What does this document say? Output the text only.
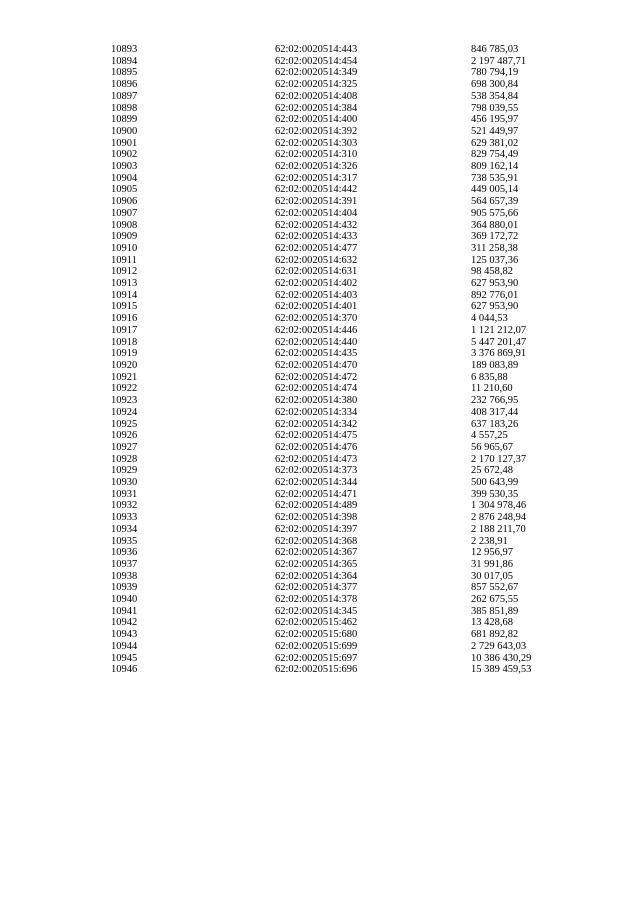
10893	62:02:0020514:443	846 785,03
10894	62:02:0020514:454	2 197 487,71
10895	62:02:0020514:349	780 794,19
10896	62:02:0020514:325	698 300,84
10897	62:02:0020514:408	538 354,84
10898	62:02:0020514:384	798 039,55
10899	62:02:0020514:400	456 195,97
10900	62:02:0020514:392	521 449,97
10901	62:02:0020514:303	629 381,02
10902	62:02:0020514:310	829 754,49
10903	62:02:0020514:326	809 162,14
10904	62:02:0020514:317	738 535,91
10905	62:02:0020514:442	449 005,14
10906	62:02:0020514:391	564 657,39
10907	62:02:0020514:404	905 575,66
10908	62:02:0020514:432	364 880,01
10909	62:02:0020514:433	369 172,72
10910	62:02:0020514:477	311 258,38
10911	62:02:0020514:632	125 037,36
10912	62:02:0020514:631	98 458,82
10913	62:02:0020514:402	627 953,90
10914	62:02:0020514:403	892 776,01
10915	62:02:0020514:401	627 953,90
10916	62:02:0020514:370	4 044,53
10917	62:02:0020514:446	1 121 212,07
10918	62:02:0020514:440	5 447 201,47
10919	62:02:0020514:435	3 376 869,91
10920	62:02:0020514:470	189 083,89
10921	62:02:0020514:472	6 835,88
10922	62:02:0020514:474	11 210,60
10923	62:02:0020514:380	232 766,95
10924	62:02:0020514:334	408 317,44
10925	62:02:0020514:342	637 183,26
10926	62:02:0020514:475	4 557,25
10927	62:02:0020514:476	56 965,67
10928	62:02:0020514:473	2 170 127,37
10929	62:02:0020514:373	25 672,48
10930	62:02:0020514:344	500 643,99
10931	62:02:0020514:471	399 530,35
10932	62:02:0020514:489	1 304 978,46
10933	62:02:0020514:398	2 876 248,94
10934	62:02:0020514:397	2 188 211,70
10935	62:02:0020514:368	2 238,91
10936	62:02:0020514:367	12 956,97
10937	62:02:0020514:365	31 991,86
10938	62:02:0020514:364	30 017,05
10939	62:02:0020514:377	857 552,67
10940	62:02:0020514:378	262 675,55
10941	62:02:0020514:345	385 851,89
10942	62:02:0020515:462	13 428,68
10943	62:02:0020515:680	681 892,82
10944	62:02:0020515:699	2 729 643,03
10945	62:02:0020515:697	10 386 430,29
10946	62:02:0020515:696	15 389 459,53
